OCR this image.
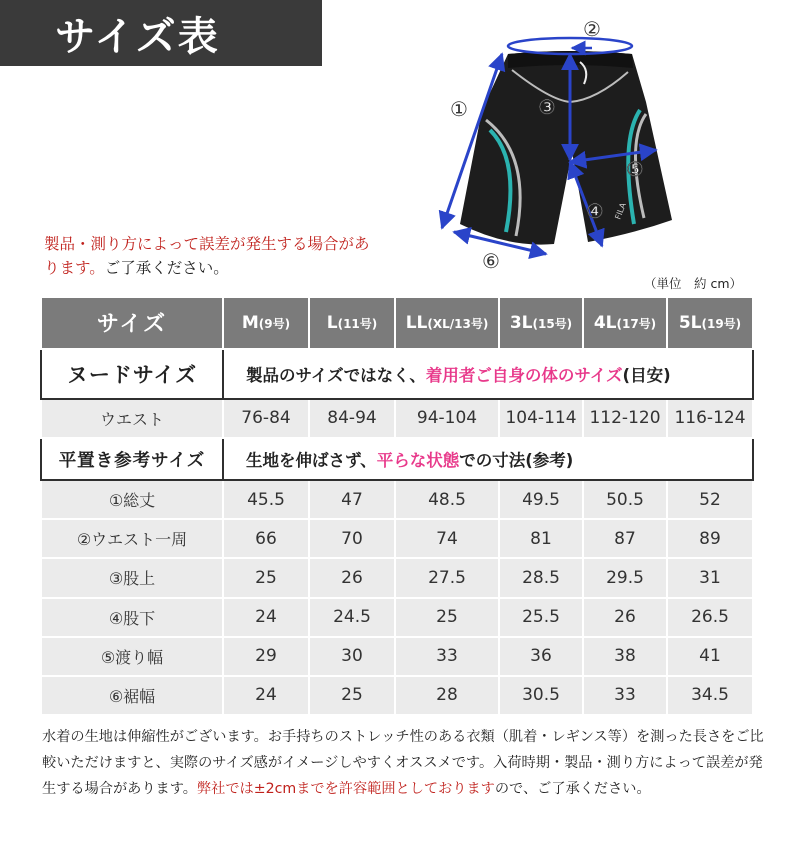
サイズ表
FILA
①
②
③
④
⑤
⑥
製品・測り方によって誤差が発生する場合があります。ご了承ください。
（単位　約 cm）
サイズ	M(9号)	L(11号)	LL(XL/13号)	3L(15号)	4L(17号)	5L(19号)
ヌードサイズ	製品のサイズではなく、着用者ご自身の体のサイズ(目安)					
ウエスト	76-84	84-94	94-104	104-114	112-120	116-124
平置き参考サイズ	生地を伸ばさず、平らな状態での寸法(参考)					
①総丈	45.5	47	48.5	49.5	50.5	52
②ウエスト一周	66	70	74	81	87	89
③股上	25	26	27.5	28.5	29.5	31
④股下	24	24.5	25	25.5	26	26.5
⑤渡り幅	29	30	33	36	38	41
⑥裾幅	24	25	28	30.5	33	34.5
水着の生地は伸縮性がございます。お手持ちのストレッチ性のある衣類（肌着・レギンス等）を測った長さをご比較いただけますと、実際のサイズ感がイメージしやすくオススメです。入荷時期・製品・測り方によって誤差が発生する場合があります。弊社では±2cmまでを許容範囲としておりますので、ご了承ください。
